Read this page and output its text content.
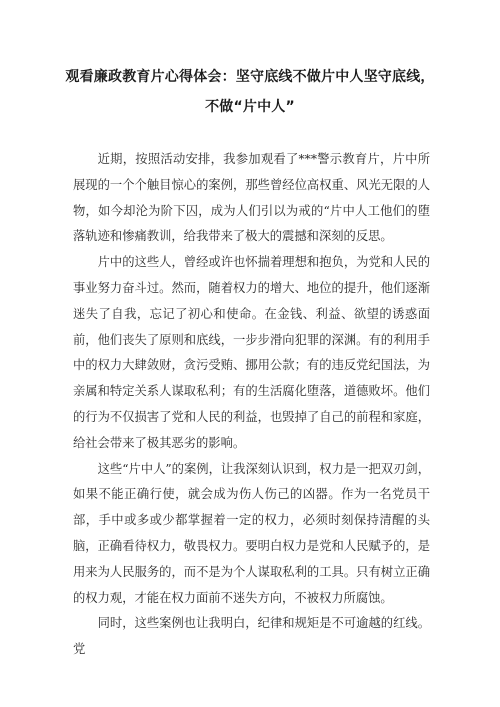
观看廉政教育片心得体会：坚守底线不做片中人坚守底线，
不做“片中人”

近期，按照活动安排，我参加观看了***警示教育片，片中所展现的一个个触目惊心的案例，那些曾经位高权重、风光无限的人物，如今却沦为阶下囚，成为人们引以为戒的“片中人工他们的堕落轨迹和惨痛教训，给我带来了极大的震撼和深刻的反思。

片中的这些人，曾经或许也怀揣着理想和抱负，为党和人民的事业努力奋斗过。然而，随着权力的增大、地位的提升，他们逐渐迷失了自我，忘记了初心和使命。在金钱、利益、欲望的诱惑面前，他们丧失了原则和底线，一步步滑向犯罪的深渊。有的利用手中的权力大肆敛财，贪污受贿、挪用公款；有的违反党纪国法，为亲属和特定关系人谋取私利；有的生活腐化堕落，道德败坏。他们的行为不仅损害了党和人民的利益，也毁掉了自己的前程和家庭，给社会带来了极其恶劣的影响。

这些“片中人”的案例，让我深刻认识到，权力是一把双刃剑，如果不能正确行使，就会成为伤人伤己的凶器。作为一名党员干部，手中或多或少都掌握着一定的权力，必须时刻保持清醒的头脑，正确看待权力，敬畏权力。要明白权力是党和人民赋予的，是用来为人民服务的，而不是为个人谋取私利的工具。只有树立正确的权力观，才能在权力面前不迷失方向，不被权力所腐蚀。

同时，这些案例也让我明白，纪律和规矩是不可逾越的红线。党
